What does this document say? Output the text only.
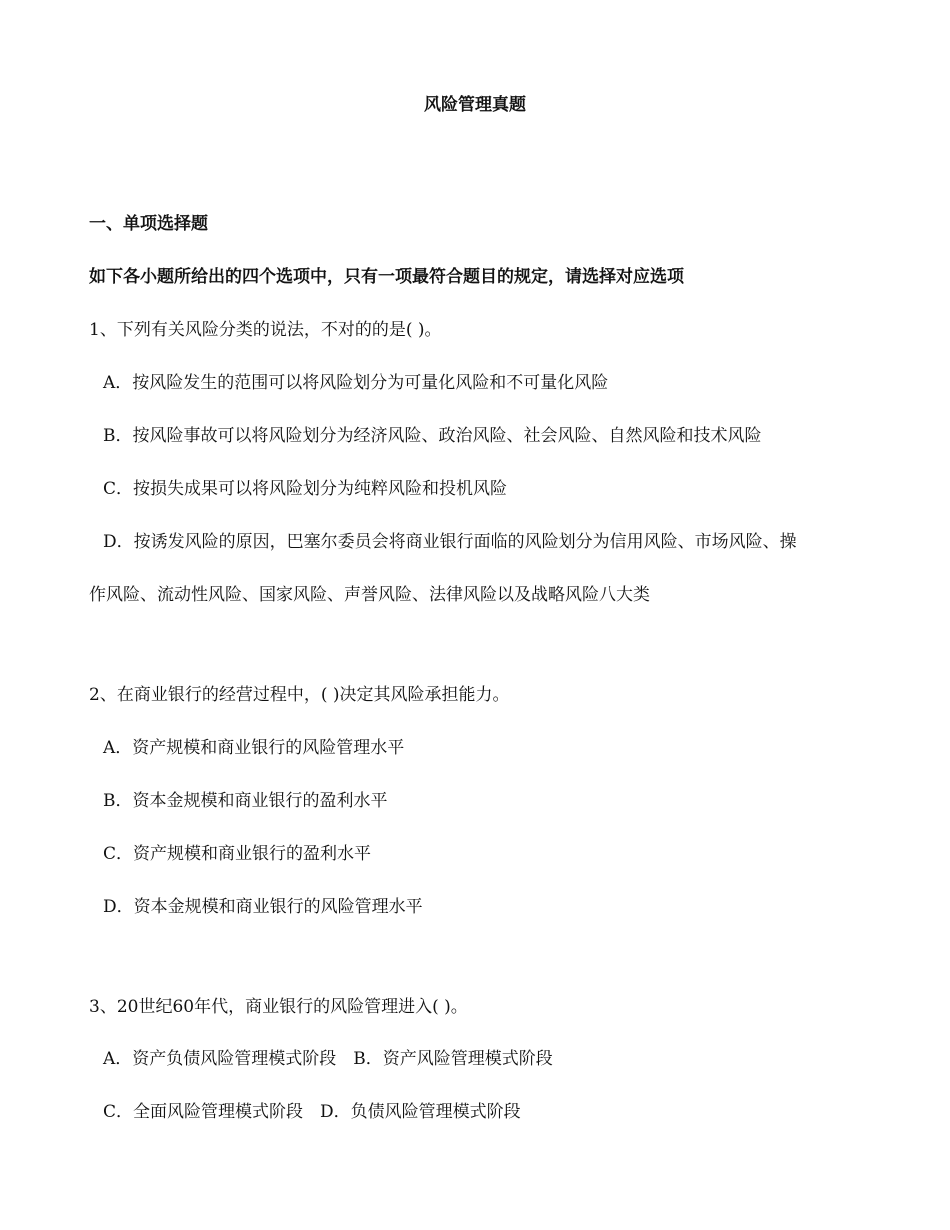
风险管理真题
一、单项选择题
如下各小题所给出的四个选项中，只有一项最符合题目的规定，请选择对应选项
1、下列有关风险分类的说法，不对的的是( )。
A．按风险发生的范围可以将风险划分为可量化风险和不可量化风险
B．按风险事故可以将风险划分为经济风险、政治风险、社会风险、自然风险和技术风险
C．按损失成果可以将风险划分为纯粹风险和投机风险
D．按诱发风险的原因，巴塞尔委员会将商业银行面临的风险划分为信用风险、市场风险、操
作风险、流动性风险、国家风险、声誉风险、法律风险以及战略风险八大类
2、在商业银行的经营过程中，( )决定其风险承担能力。
A．资产规模和商业银行的风险管理水平
B．资本金规模和商业银行的盈利水平
C．资产规模和商业银行的盈利水平
D．资本金规模和商业银行的风险管理水平
3、20世纪60年代，商业银行的风险管理进入( )。
A．资产负债风险管理模式阶段　B．资产风险管理模式阶段
C．全面风险管理模式阶段　D．负债风险管理模式阶段
